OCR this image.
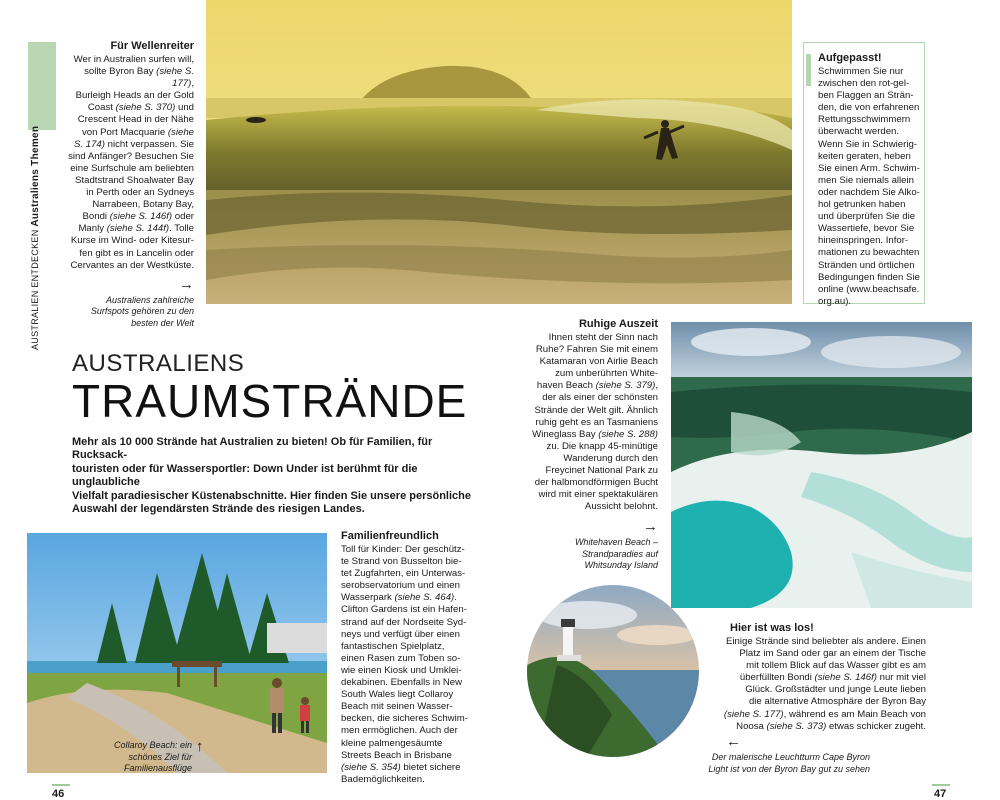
AUSTRALIEN ENTDECKEN Australiens Themen
Für Wellenreiter
Wer in Australien surfen will,
sollte Byron Bay (siehe S. 177),
Burleigh Heads an der Gold
Coast (siehe S. 370) und
Crescent Head in der Nähe
von Port Macquarie (siehe
S. 174) nicht verpassen. Sie
sind Anfänger? Besuchen Sie
eine Surfschule am beliebten
Stadtstrand Shoalwater Bay
in Perth oder an Sydneys
Narrabeen, Botany Bay,
Bondi (siehe S. 146f) oder
Manly (siehe S. 144f). Tolle
Kurse im Wind- oder Kitesur-
fen gibt es in Lancelin oder
Cervantes an der Westküste.
→
Australiens zahlreiche
Surfspots gehören zu den
besten der Welt
Aufgepasst!
Schwimmen Sie nur
zwischen den rot-gel-
ben Flaggen an Strän-
den, die von erfahrenen
Rettungsschwimmern
überwacht werden.
Wenn Sie in Schwierig-
keiten geraten, heben
Sie einen Arm. Schwim-
men Sie niemals allein
oder nachdem Sie Alko-
hol getrunken haben
und überprüfen Sie die
Wassertiefe, bevor Sie
hineinspringen. Infor-
mationen zu bewachten
Stränden und örtlichen
Bedingungen finden Sie
online (www.beachsafe.
org.au).
AUSTRALIENS
TRAUMSTRÄNDE
Mehr als 10 000 Strände hat Australien zu bieten! Ob für Familien, für Rucksack-
touristen oder für Wassersportler: Down Under ist berühmt für die unglaubliche
Vielfalt paradiesischer Küstenabschnitte. Hier finden Sie unsere persönliche
Auswahl der legendärsten Strände des riesigen Landes.
Ruhige Auszeit
Ihnen steht der Sinn nach
Ruhe? Fahren Sie mit einem
Katamaran von Airlie Beach
zum unberührten White-
haven Beach (siehe S. 379),
der als einer der schönsten
Strände der Welt gilt. Ähnlich
ruhig geht es an Tasmaniens
Wineglass Bay (siehe S. 288)
zu. Die knapp 45-minütige
Wanderung durch den
Freycinet National Park zu
der halbmondförmigen Bucht
wird mit einer spektakulären
Aussicht belohnt.
→
Whitehaven Beach –
Strandparadies auf
Whitsunday Island
Familienfreundlich
Toll für Kinder: Der geschütz-
te Strand von Busselton bie-
tet Zugfahrten, ein Unterwas-
serobservatorium und einen
Wasserpark (siehe S. 464).
Clifton Gardens ist ein Hafen-
strand auf der Nordseite Syd-
neys und verfügt über einen
fantastischen Spielplatz,
einen Rasen zum Toben so-
wie einen Kiosk und Umklei-
dekabinen. Ebenfalls in New
South Wales liegt Collaroy
Beach mit seinen Wasser-
becken, die sicheres Schwim-
men ermöglichen. Auch der
kleine palmengesäumte
Streets Beach in Brisbane
(siehe S. 354) bietet sichere
Bademöglichkeiten.
Collaroy Beach: ein
schönes Ziel für
Familienausflüge
↑
Hier ist was los!
Einige Strände sind beliebter als andere. Einen
Platz im Sand oder gar an einem der Tische
mit tollem Blick auf das Wasser gibt es am
überfüllten Bondi (siehe S. 146f) nur mit viel
Glück. Großstädter und junge Leute lieben
die alternative Atmosphäre der Byron Bay
(siehe S. 177), während es am Main Beach von
Noosa (siehe S. 373) etwas schicker zugeht.
←
Der malerische Leuchtturm Cape Byron
Light ist von der Byron Bay gut zu sehen
46	47
